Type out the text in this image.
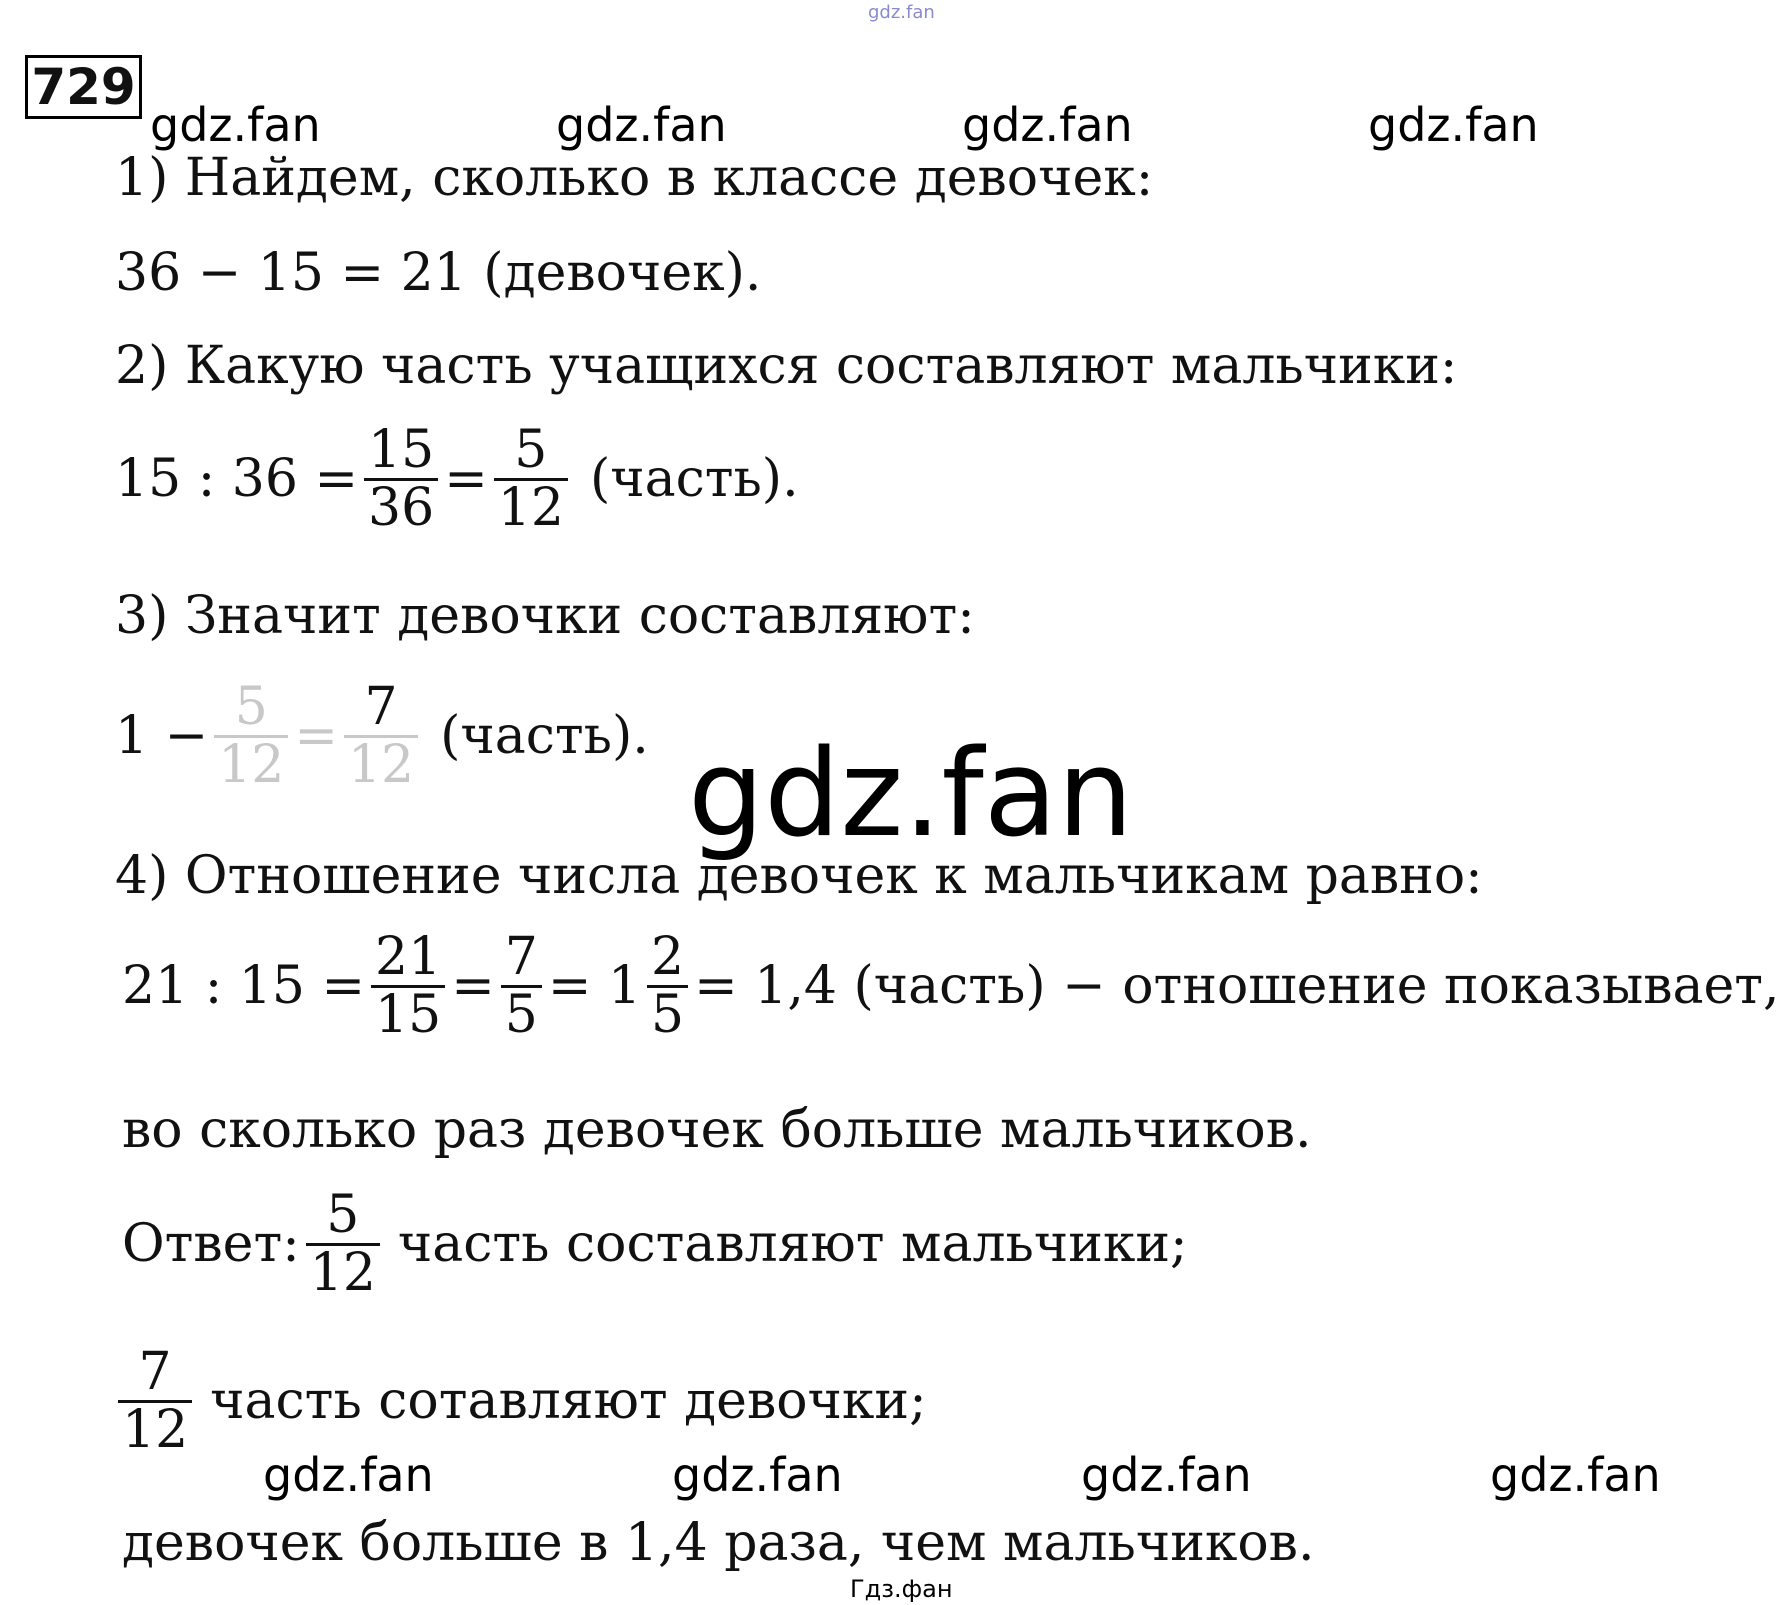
gdz.fan
729
gdz.fan	gdz.fan	gdz.fan	gdz.fan
1) Найдем, сколько в классе девочек:
36 − 15 = 21 (девочек).
2) Какую часть учащихся составляют мальчики:
15 : $36 = \frac{15}{36} = \frac{5}{12}$ (часть).
3) Значит девочки составляют:
$1 - \frac{5}{12} = \frac{7}{12}$ (часть). gdz.fan
4) Отношение числа девочек к мальчикам равно:
21 : $15 = \frac{21}{15} = \frac{7}{5} = 1 \frac{2}{5} = 1,4$ (часть) − отношение показывает,
во сколько раз девочек больше мальчиков.
Ответ: $\frac{5}{12}$ часть составляют мальчики;
$\frac{7}{12}$ часть сотавляют девочки;
gdz.fan	gdz.fan	gdz.fan	gdz.fan
девочек больше в 1,4 раза, чем мальчиков.
Гдз.фан
